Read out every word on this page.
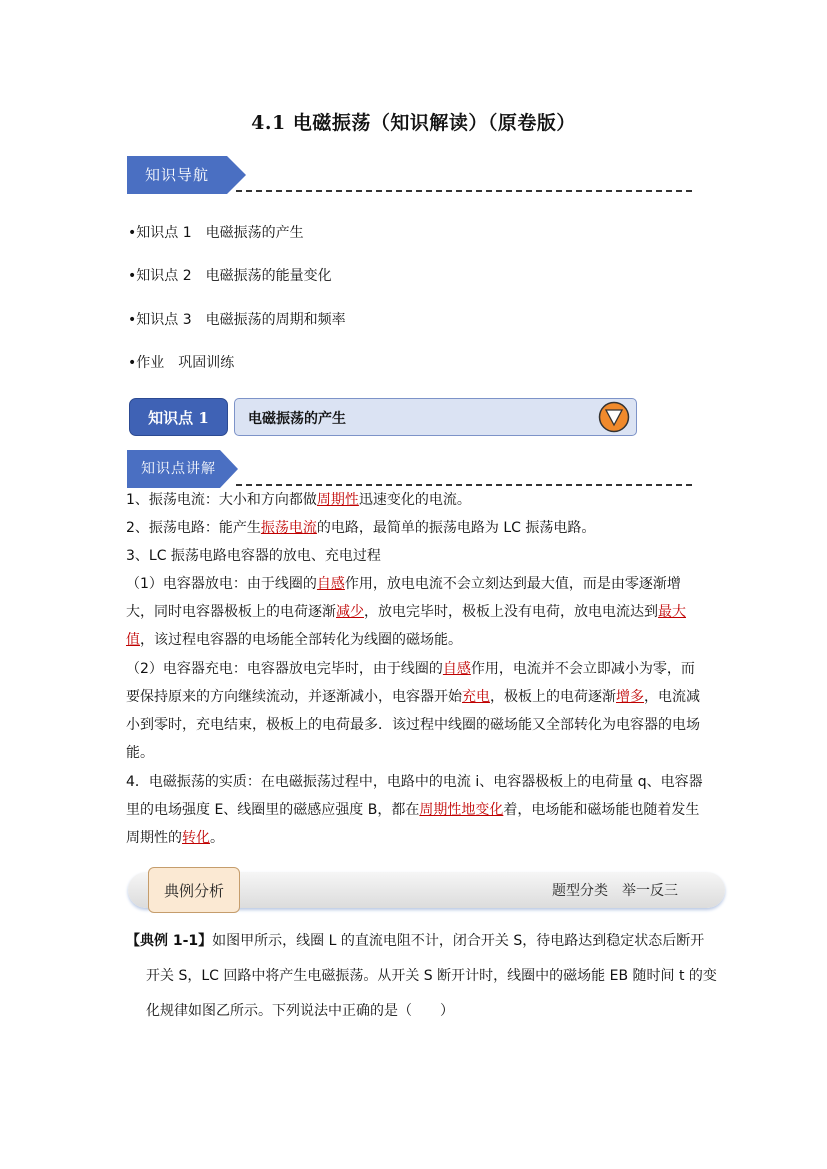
4.1 电磁振荡（知识解读）（原卷版）
知识导航
•知识点 1 电磁振荡的产生
•知识点 2 电磁振荡的能量变化
•知识点 3 电磁振荡的周期和频率
•作业 巩固训练
知识点 1	电磁振荡的产生
知识点讲解
1、振荡电流：大小和方向都做周期性迅速变化的电流。
2、振荡电路：能产生振荡电流的电路，最简单的振荡电路为 LC 振荡电路。
3、LC 振荡电路电容器的放电、充电过程
（1）电容器放电：由于线圈的自感作用，放电电流不会立刻达到最大值，而是由零逐渐增大，同时电容器极板上的电荷逐渐减少，放电完毕时，极板上没有电荷，放电电流达到最大值，该过程电容器的电场能全部转化为线圈的磁场能。
（2）电容器充电：电容器放电完毕时，由于线圈的自感作用，电流并不会立即减小为零，而要保持原来的方向继续流动，并逐渐减小，电容器开始充电，极板上的电荷逐渐增多，电流减小到零时，充电结束，极板上的电荷最多．该过程中线圈的磁场能又全部转化为电容器的电场能。
4．电磁振荡的实质：在电磁振荡过程中，电路中的电流 i、电容器极板上的电荷量 q、电容器里的电场强度 E、线圈里的磁感应强度 B，都在周期性地变化着，电场能和磁场能也随着发生周期性的转化。
典例分析	题型分类 举一反三
【典例 1-1】如图甲所示，线圈 L 的直流电阻不计，闭合开关 S，待电路达到稳定状态后断开开关 S，LC 回路中将产生电磁振荡。从开关 S 断开计时，线圈中的磁场能 EB 随时间 t 的变化规律如图乙所示。下列说法中正确的是（　　）
